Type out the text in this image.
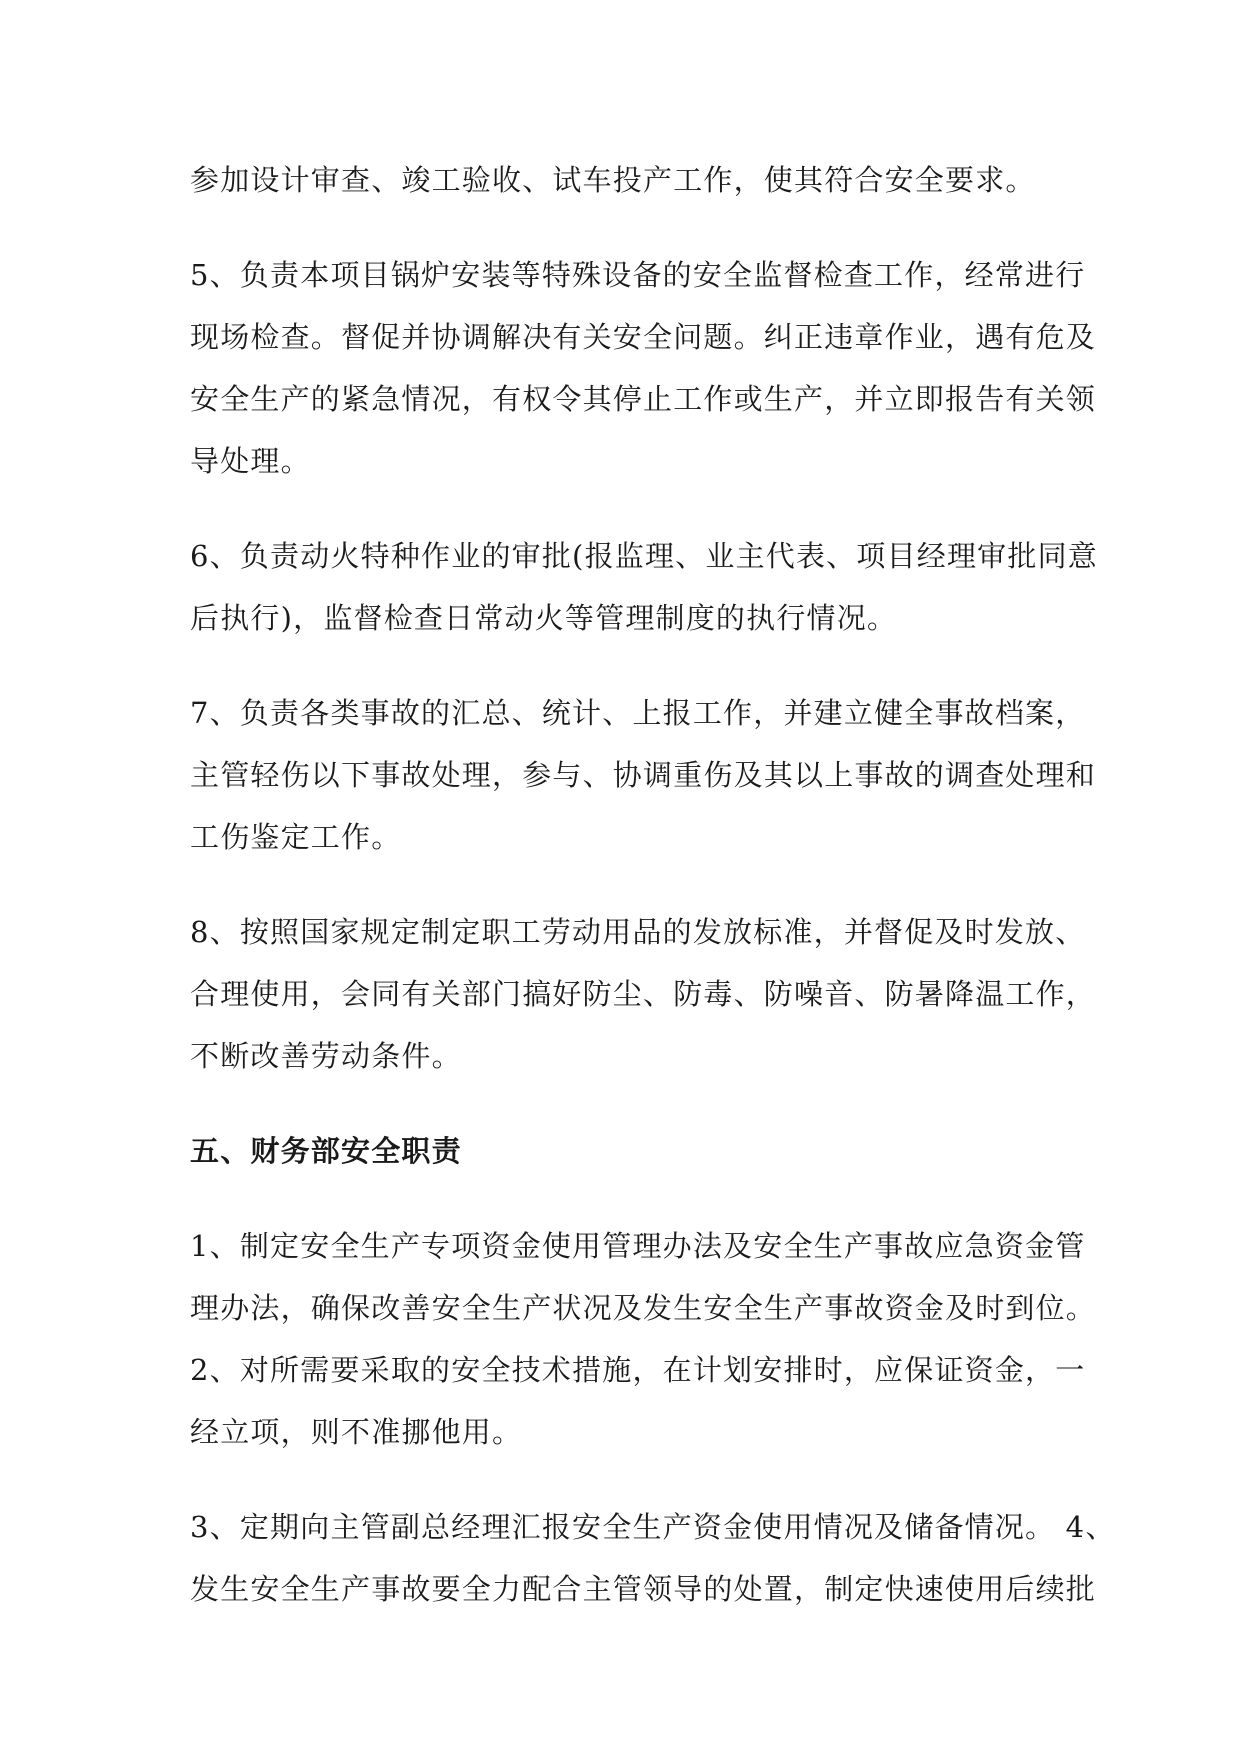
参加设计审查、竣工验收、试车投产工作，使其符合安全要求。
5、负责本项目锅炉安装等特殊设备的安全监督检查工作，经常进行
现场检查。督促并协调解决有关安全问题。纠正违章作业，遇有危及
安全生产的紧急情况，有权令其停止工作或生产，并立即报告有关领
导处理。
6、负责动火特种作业的审批(报监理、业主代表、项目经理审批同意
后执行)，监督检查日常动火等管理制度的执行情况。
7、负责各类事故的汇总、统计、上报工作，并建立健全事故档案，
主管轻伤以下事故处理，参与、协调重伤及其以上事故的调查处理和
工伤鉴定工作。
8、按照国家规定制定职工劳动用品的发放标准，并督促及时发放、
合理使用，会同有关部门搞好防尘、防毒、防噪音、防暑降温工作，
不断改善劳动条件。
五、财务部安全职责
1、制定安全生产专项资金使用管理办法及安全生产事故应急资金管
理办法，确保改善安全生产状况及发生安全生产事故资金及时到位。
2、对所需要采取的安全技术措施，在计划安排时，应保证资金，一
经立项，则不准挪他用。
3、定期向主管副总经理汇报安全生产资金使用情况及储备情况。 4、
发生安全生产事故要全力配合主管领导的处置，制定快速使用后续批
